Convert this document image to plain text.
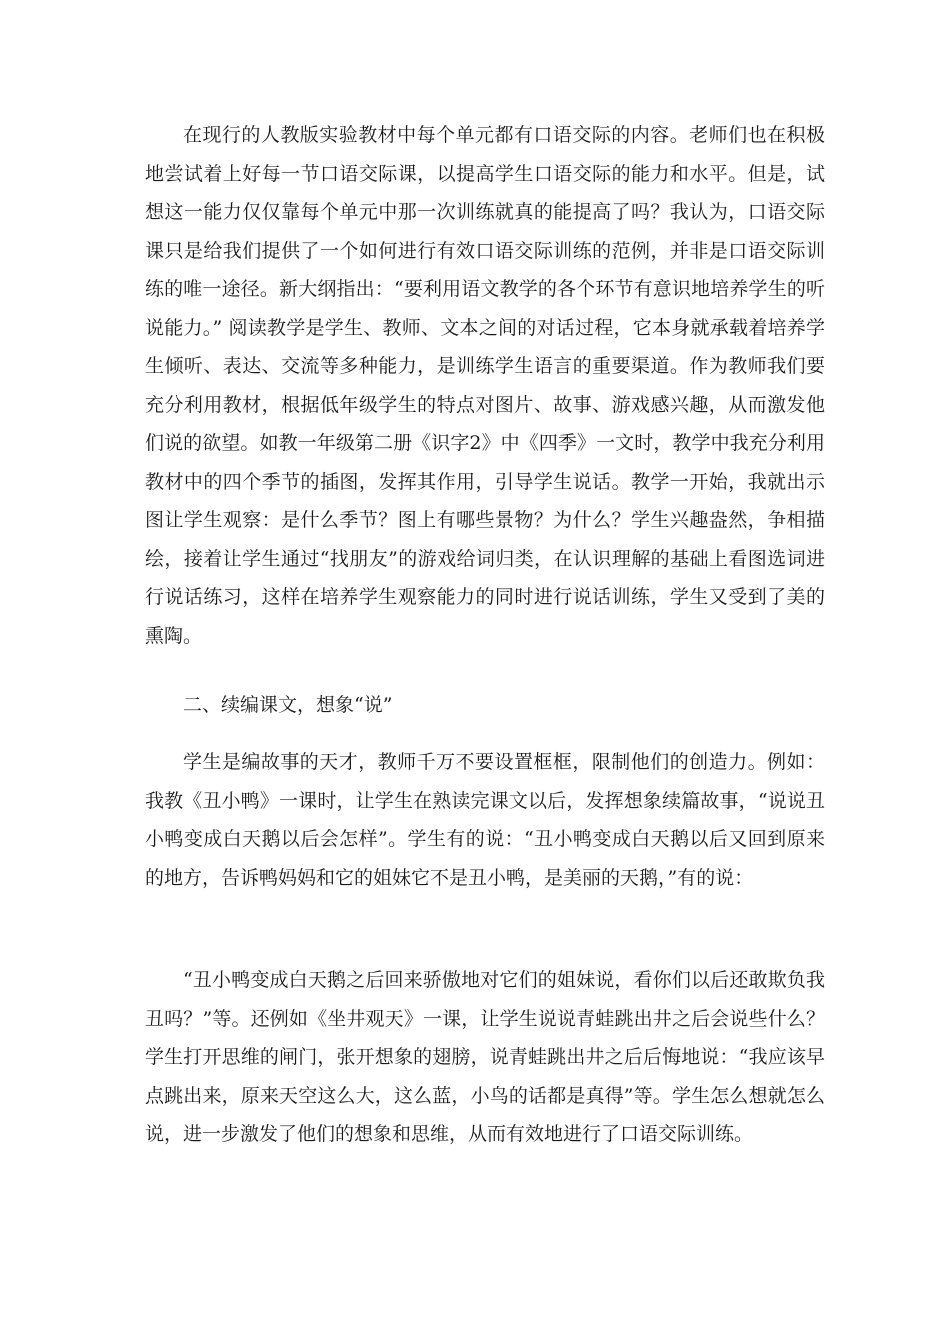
在现行的人教版实验教材中每个单元都有口语交际的内容。老师们也在积极地尝试着上好每一节口语交际课，以提高学生口语交际的能力和水平。但是，试想这一能力仅仅靠每个单元中那一次训练就真的能提高了吗？我认为，口语交际课只是给我们提供了一个如何进行有效口语交际训练的范例，并非是口语交际训练的唯一途径。新大纲指出：“要利用语文教学的各个环节有意识地培养学生的听说能力。” 阅读教学是学生、教师、文本之间的对话过程，它本身就承载着培养学生倾听、表达、交流等多种能力，是训练学生语言的重要渠道。作为教师我们要充分利用教材，根据低年级学生的特点对图片、故事、游戏感兴趣，从而激发他们说的欲望。如教一年级第二册《识字2》中《四季》一文时，教学中我充分利用教材中的四个季节的插图，发挥其作用，引导学生说话。教学一开始，我就出示图让学生观察：是什么季节？图上有哪些景物？为什么？学生兴趣盎然，争相描绘，接着让学生通过“找朋友”的游戏给词归类，在认识理解的基础上看图选词进行说话练习，这样在培养学生观察能力的同时进行说话训练，学生又受到了美的熏陶。

二、续编课文，想象“说”

学生是编故事的天才，教师千万不要设置框框，限制他们的创造力。例如：我教《丑小鸭》一课时，让学生在熟读完课文以后，发挥想象续篇故事，“说说丑小鸭变成白天鹅以后会怎样”。学生有的说：“丑小鸭变成白天鹅以后又回到原来的地方，告诉鸭妈妈和它的姐妹它不是丑小鸭，是美丽的天鹅，”有的说：

“丑小鸭变成白天鹅之后回来骄傲地对它们的姐妹说，看你们以后还敢欺负我丑吗？”等。还例如《坐井观天》一课，让学生说说青蛙跳出井之后会说些什么？学生打开思维的闸门，张开想象的翅膀，说青蛙跳出井之后后悔地说：“我应该早点跳出来，原来天空这么大，这么蓝，小鸟的话都是真得”等。学生怎么想就怎么说，进一步激发了他们的想象和思维，从而有效地进行了口语交际训练。
